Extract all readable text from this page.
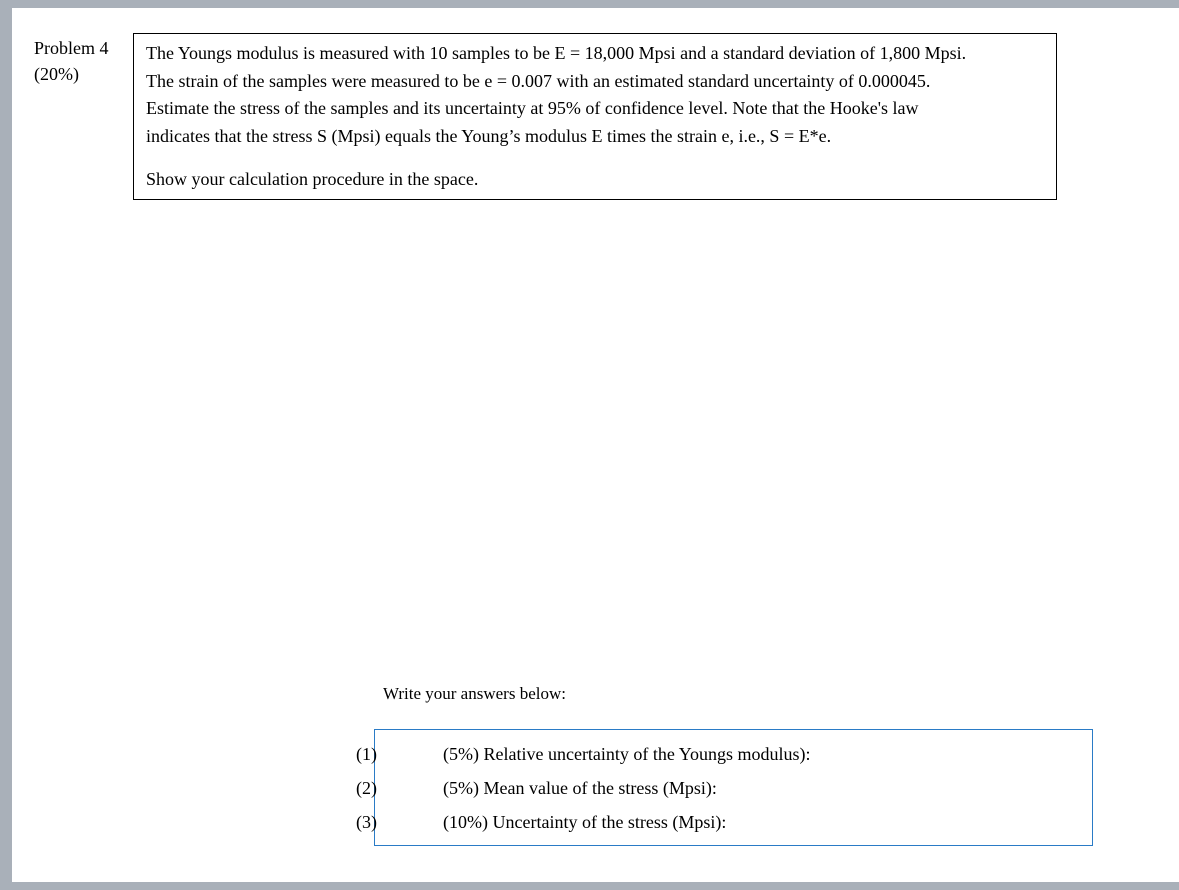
Problem 4
(20%)
The Youngs modulus is measured with 10 samples to be E = 18,000 Mpsi and a standard deviation of 1,800 Mpsi.
The strain of the samples were measured to be e = 0.007 with an estimated standard uncertainty of 0.000045.
Estimate the stress of the samples and its uncertainty at 95% of confidence level. Note that the Hooke's law
indicates that the stress S (Mpsi) equals the Young’s modulus E times the strain e, i.e., S = E*e.
Show your calculation procedure in the space.
Write your answers below:
(1)	(5%) Relative uncertainty of the Youngs modulus):
(2)	(5%) Mean value of the stress (Mpsi):
(3)	(10%) Uncertainty of the stress (Mpsi):
